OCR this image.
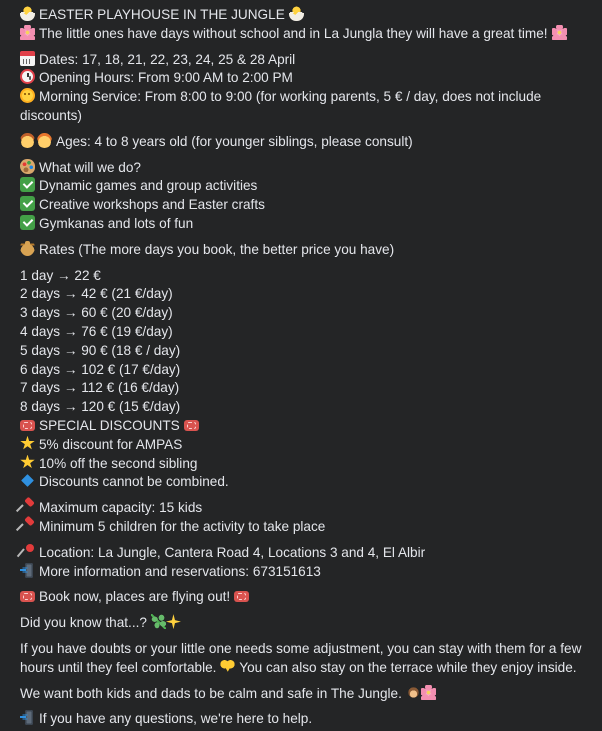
EASTER PLAYHOUSE IN THE JUNGLE
The little ones have days without school and in La Jungla they will have a great time!
Dates: 17, 18, 21, 22, 23, 24, 25 & 28 April
Opening Hours: From 9:00 AM to 2:00 PM
Morning Service: From 8:00 to 9:00 (for working parents, 5 € / day, does not include
discounts)
Ages: 4 to 8 years old (for younger siblings, please consult)
What will we do?
Dynamic games and group activities
Creative workshops and Easter crafts
Gymkanas and lots of fun
Rates (The more days you book, the better price you have)
1 day → 22 €
2 days → 42 € (21 €/day)
3 days → 60 € (20 €/day)
4 days → 76 € (19 €/day)
5 days → 90 € (18 € / day)
6 days → 102 € (17 €/day)
7 days → 112 € (16 €/day)
8 days → 120 € (15 €/day)
SPECIAL DISCOUNTS
5% discount for AMPAS
10% off the second sibling
Discounts cannot be combined.
Maximum capacity: 15 kids
Minimum 5 children for the activity to take place
Location: La Jungle, Cantera Road 4, Locations 3 and 4, El Albir
More information and reservations: 673151613
Book now, places are flying out!
Did you know that...?
If you have doubts or your little one needs some adjustment, you can stay with them for a few
hours until they feel comfortable. You can also stay on the terrace while they enjoy inside.
We want both kids and dads to be calm and safe in The Jungle.
If you have any questions, we're here to help.
